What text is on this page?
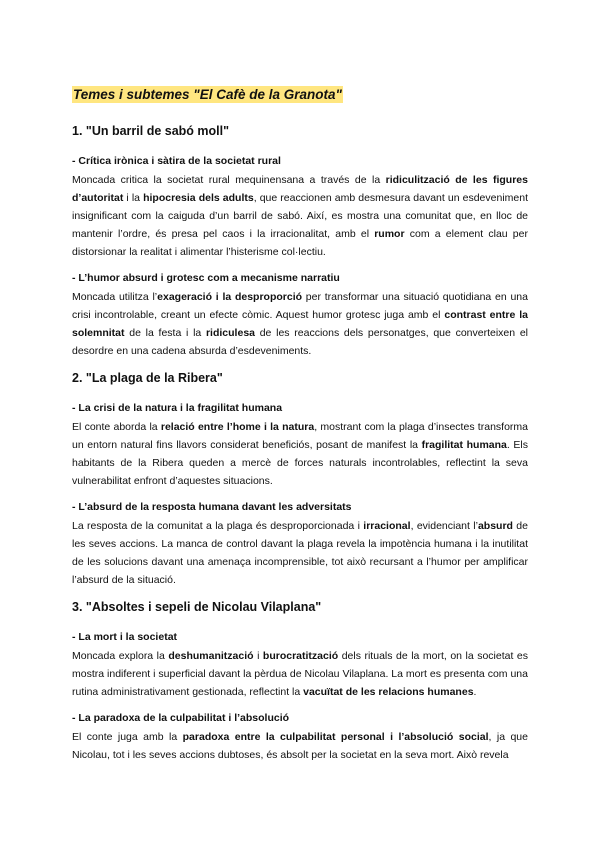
Temes i subtemes "El Cafè de la Granota"
1. "Un barril de sabó moll"
- Crítica irònica i sàtira de la societat rural

Moncada critica la societat rural mequinensana a través de la ridiculització de les figures d’autoritat i la hipocresia dels adults, que reaccionen amb desmesura davant un esdeveniment insignificant com la caiguda d’un barril de sabó. Així, es mostra una comunitat que, en lloc de mantenir l’ordre, és presa pel caos i la irracionalitat, amb el rumor com a element clau per distorsionar la realitat i alimentar l’histerisme col·lectiu.

- L’humor absurd i grotesc com a mecanisme narratiu

Moncada utilitza l’exageració i la desproporció per transformar una situació quotidiana en una crisi incontrolable, creant un efecte còmic. Aquest humor grotesc juga amb el contrast entre la solemnitat de la festa i la ridiculesa de les reaccions dels personatges, que converteixen el desordre en una cadena absurda d’esdeveniments.

2. "La plaga de la Ribera"
- La crisi de la natura i la fragilitat humana

El conte aborda la relació entre l’home i la natura, mostrant com la plaga d’insectes transforma un entorn natural fins llavors considerat beneficiós, posant de manifest la fragilitat humana. Els habitants de la Ribera queden a mercè de forces naturals incontrolables, reflectint la seva vulnerabilitat enfront d’aquestes situacions.

- L’absurd de la resposta humana davant les adversitats

La resposta de la comunitat a la plaga és desproporcionada i irracional, evidenciant l’absurd de les seves accions. La manca de control davant la plaga revela la impotència humana i la inutilitat de les solucions davant una amenaça incomprensible, tot això recursant a l’humor per amplificar l’absurd de la situació.

3. "Absoltes i sepeli de Nicolau Vilaplana"
- La mort i la societat

Moncada explora la deshumanització i burocratització dels rituals de la mort, on la societat es mostra indiferent i superficial davant la pèrdua de Nicolau Vilaplana. La mort es presenta com una rutina administrativament gestionada, reflectint la vacuïtat de les relacions humanes.

- La paradoxa de la culpabilitat i l’absolució

El conte juga amb la paradoxa entre la culpabilitat personal i l’absolució social, ja que Nicolau, tot i les seves accions dubtoses, és absolt per la societat en la seva mort. Això revela
